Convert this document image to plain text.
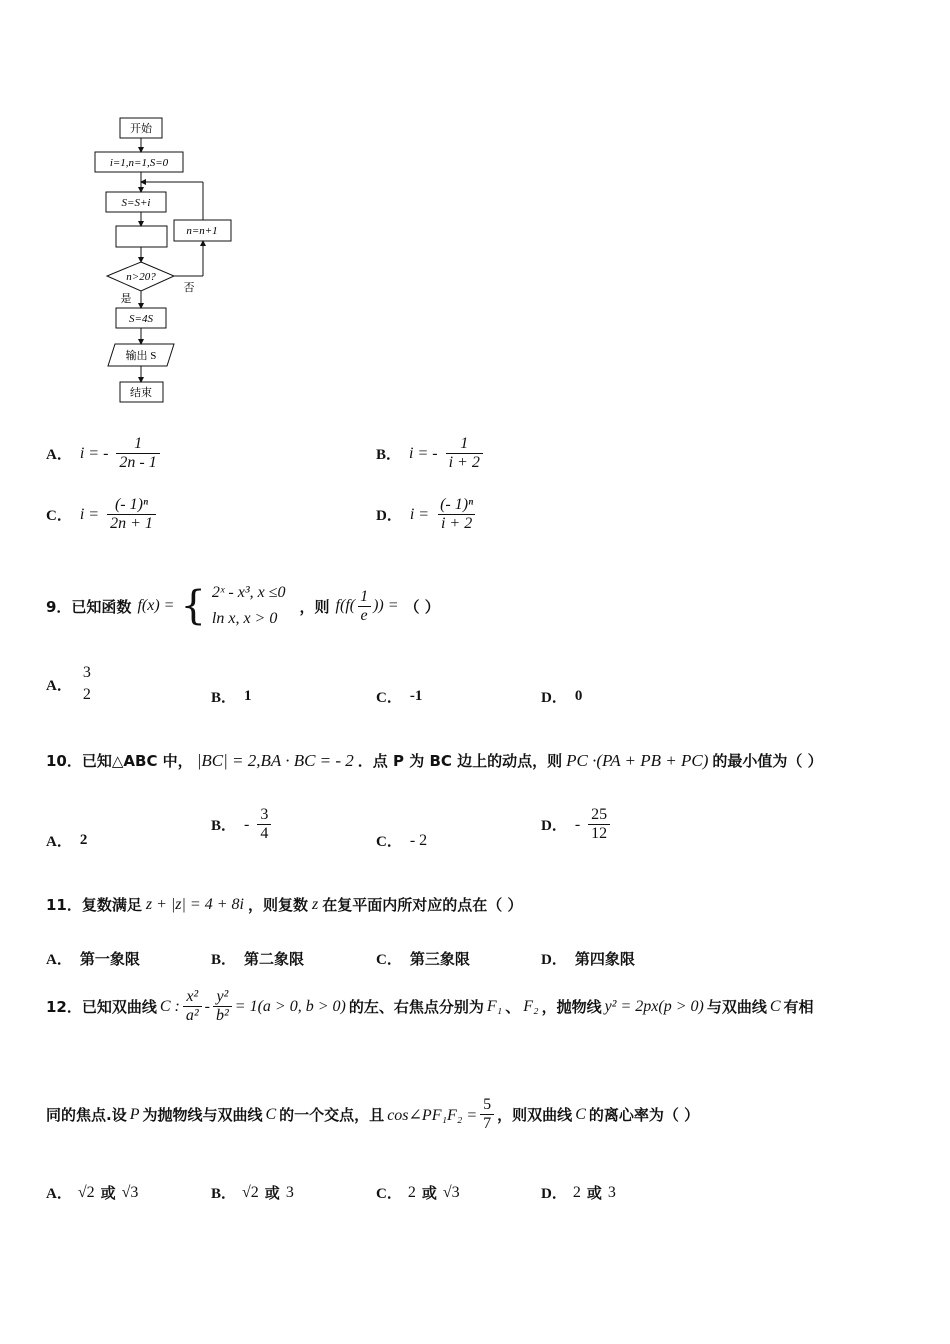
开始
i=1,n=1,S=0
S=S+i
n=n+1
n>20?
是
否
S=4S
输出 S
结束
A． i = - $\frac{1}{2n - 1}$	B． i = - $\frac{1}{i + 2}$
C． $i = \frac{\text{(- 1)ⁿ}}{2n + 1}$	D． $i = \frac{\text{(- 1)ⁿ}}{i + 2}$
9．已知函数 f(x) = { 2ˣ - x³, x ≤0
ln x, x > 0
，则 $f(f( \frac{1}{e}$ )) = （ ）
A．
3
2	B． 1	C． -1	D． 0
10．已知△ABC 中， |BC| = 2,BA · BC = - 2 ．点 P 为 BC 边上的动点，则 PC ·(PA + PB + PC) 的最小值为（ ）
A． 2
B． - $\frac{3}{4}$	C． - 2
D． - $\frac{25}{12}$
11．复数满足 z + |z| = 4 + 8i ，则复数 z 在复平面内所对应的点在（ ）
A． 第一象限	B． 第二象限	C． 第三象限	D． 第四象限
12．已知双曲线 C : $\frac{\text{x²}}{\text{a²}} - \frac{\text{y²}}{\text{b²}} = 1(a > 0$, b > 0) 的左、右焦点分别为 F₁ 、 F₂ ，抛物线 y² = 2px(p > 0) 与双曲线 C 有相
同的焦点.设 P 为抛物线与双曲线 C 的一个交点，且 cos∠PF₁F₂ = $\frac{5}{7}$ ，则双曲线 C 的离心率为（ ）
A． √2 或 √3	B． √2 或 3	C． 2 或 √3	D． 2 或 3
